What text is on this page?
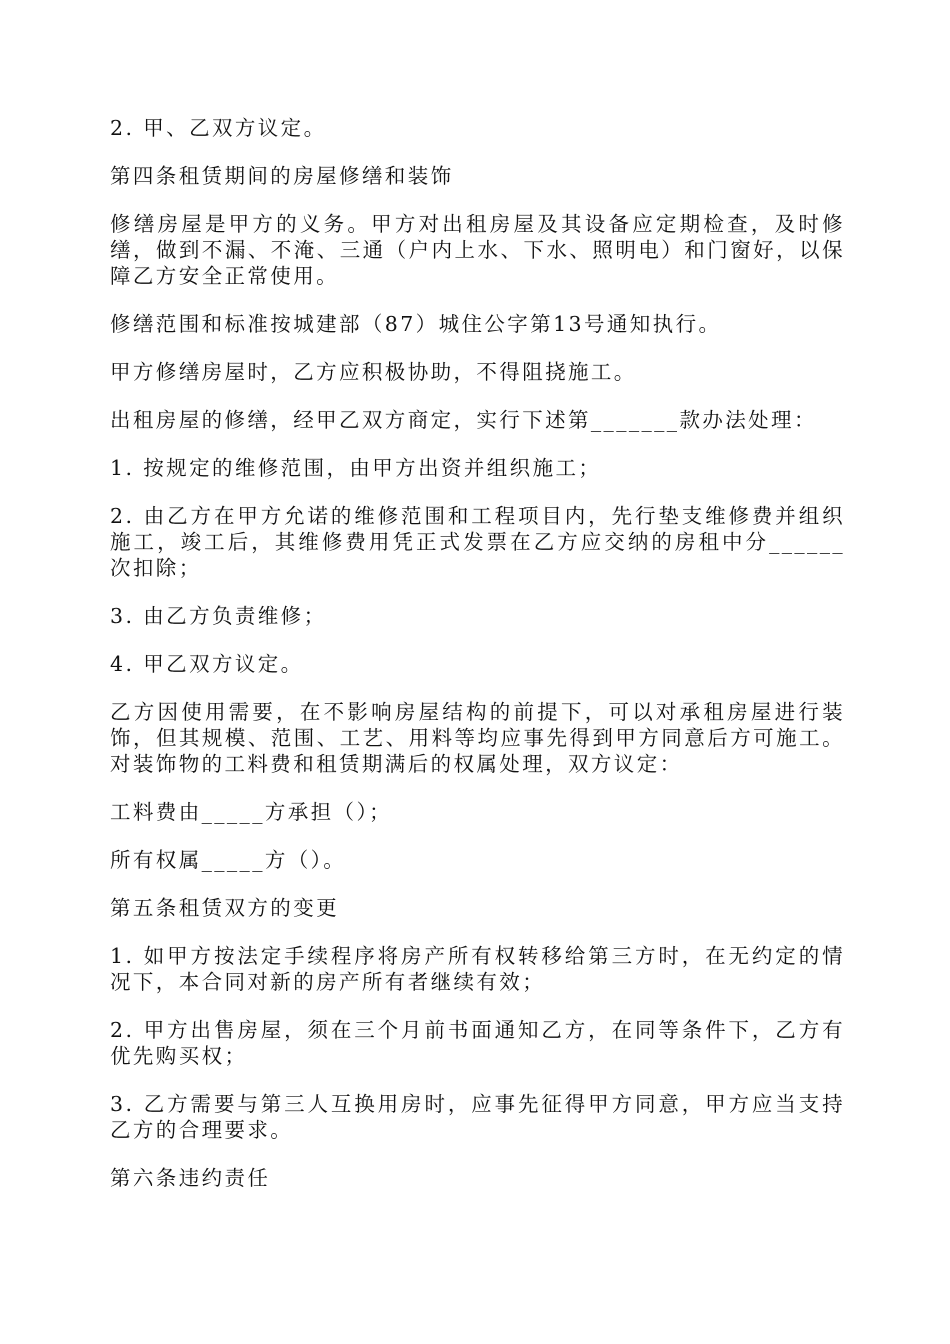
2. 甲、乙双方议定。

第四条租赁期间的房屋修缮和装饰

修缮房屋是甲方的义务。甲方对出租房屋及其设备应定期检查，及时修缮，做到不漏、不淹、三通（户内上水、下水、照明电）和门窗好，以保障乙方安全正常使用。

修缮范围和标准按城建部（87）城住公字第13号通知执行。

甲方修缮房屋时，乙方应积极协助，不得阻挠施工。

出租房屋的修缮，经甲乙双方商定，实行下述第_______款办法处理：

1. 按规定的维修范围，由甲方出资并组织施工；

2. 由乙方在甲方允诺的维修范围和工程项目内，先行垫支维修费并组织施工，竣工后，其维修费用凭正式发票在乙方应交纳的房租中分______次扣除；

3. 由乙方负责维修；

4. 甲乙双方议定。

乙方因使用需要，在不影响房屋结构的前提下，可以对承租房屋进行装饰，但其规模、范围、工艺、用料等均应事先得到甲方同意后方可施工。对装饰物的工料费和租赁期满后的权属处理，双方议定：

工料费由_____方承担（）；

所有权属_____方（）。

第五条租赁双方的变更

1. 如甲方按法定手续程序将房产所有权转移给第三方时，在无约定的情况下，本合同对新的房产所有者继续有效；

2. 甲方出售房屋，须在三个月前书面通知乙方，在同等条件下，乙方有优先购买权；

3. 乙方需要与第三人互换用房时，应事先征得甲方同意，甲方应当支持乙方的合理要求。

第六条违约责任
